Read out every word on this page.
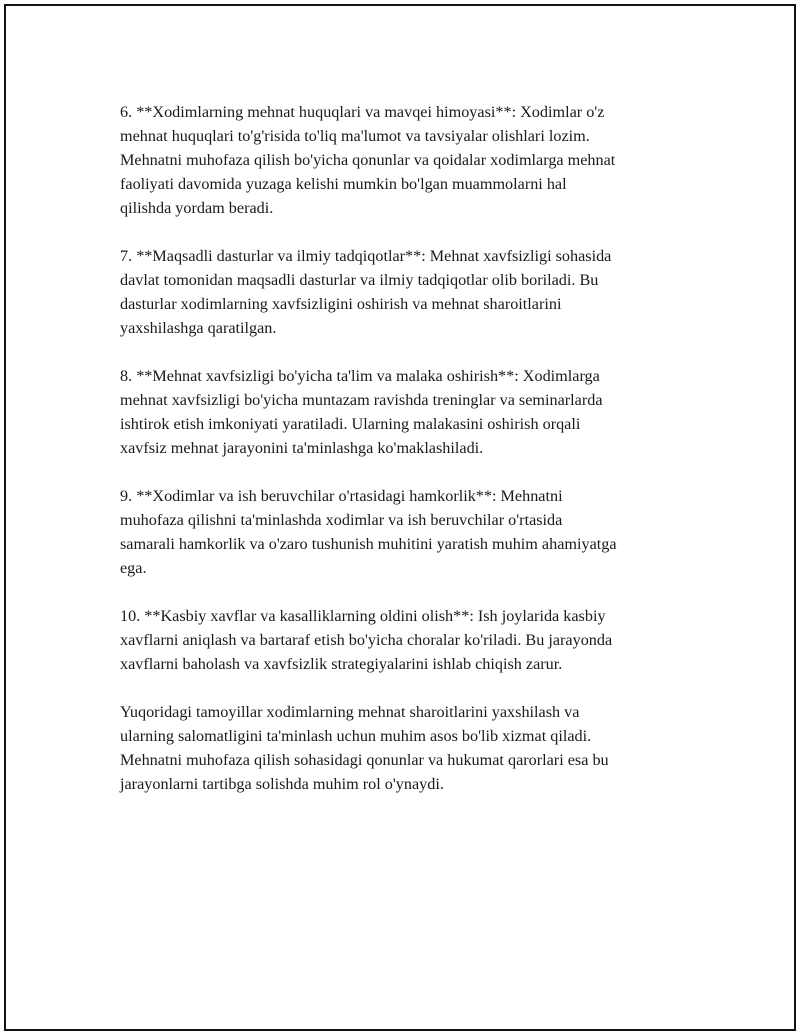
6. **Xodimlarning mehnat huquqlari va mavqei himoyasi**: Xodimlar o'z
mehnat huquqlari to'g'risida to'liq ma'lumot va tavsiyalar olishlari lozim.
Mehnatni muhofaza qilish bo'yicha qonunlar va qoidalar xodimlarga mehnat
faoliyati davomida yuzaga kelishi mumkin bo'lgan muammolarni hal
qilishda yordam beradi.

7. **Maqsadli dasturlar va ilmiy tadqiqotlar**: Mehnat xavfsizligi sohasida
davlat tomonidan maqsadli dasturlar va ilmiy tadqiqotlar olib boriladi. Bu
dasturlar xodimlarning xavfsizligini oshirish va mehnat sharoitlarini
yaxshilashga qaratilgan.

8. **Mehnat xavfsizligi bo'yicha ta'lim va malaka oshirish**: Xodimlarga
mehnat xavfsizligi bo'yicha muntazam ravishda treninglar va seminarlarda
ishtirok etish imkoniyati yaratiladi. Ularning malakasini oshirish orqali
xavfsiz mehnat jarayonini ta'minlashga ko'maklashiladi.

9. **Xodimlar va ish beruvchilar o'rtasidagi hamkorlik**: Mehnatni
muhofaza qilishni ta'minlashda xodimlar va ish beruvchilar o'rtasida
samarali hamkorlik va o'zaro tushunish muhitini yaratish muhim ahamiyatga
ega.

10. **Kasbiy xavflar va kasalliklarning oldini olish**: Ish joylarida kasbiy
xavflarni aniqlash va bartaraf etish bo'yicha choralar ko'riladi. Bu jarayonda
xavflarni baholash va xavfsizlik strategiyalarini ishlab chiqish zarur.

Yuqoridagi tamoyillar xodimlarning mehnat sharoitlarini yaxshilash va
ularning salomatligini ta'minlash uchun muhim asos bo'lib xizmat qiladi.
Mehnatni muhofaza qilish sohasidagi qonunlar va hukumat qarorlari esa bu
jarayonlarni tartibga solishda muhim rol o'ynaydi.
